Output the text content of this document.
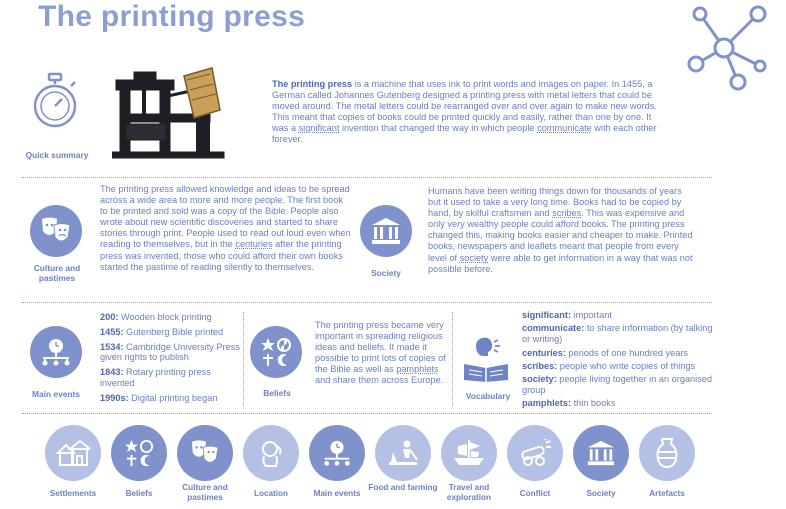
The printing press
Quick summary
The printing press is a machine that uses ink to print words and images on paper. In 1455, a German called Johannes Gutenberg designed a printing press with metal letters that could be moved around. The metal letters could be rearranged over and over again to make new words. This meant that copies of books could be printed quickly and easily, rather than one by one. It was a significant invention that changed the way in which people communicate with each other forever.
Culture and pastimes
The printing press allowed knowledge and ideas to be spread across a wide area to more and more people. The first book to be printed and sold was a copy of the Bible. People also wrote about new scientific discoveries and started to share stories through print. People used to read out loud even when reading to themselves, but in the centuries after the printing press was invented, those who could afford their own books started the pastime of reading silently to themselves.
Society
Humans have been writing things down for thousands of years but it used to take a very long time. Books had to be copied by hand, by skilful craftsmen and scribes. This was expensive and only very wealthy people could afford books. The printing press changed this, making books easier and cheaper to make. Printed books, newspapers and leaflets meant that people from every level of society were able to get information in a way that was not possible before.
Main events
200: Wooden block printing
1455: Gutenberg Bible printed
1534: Cambridge University Press given rights to publish
1843: Rotary printing press invented
1990s: Digital printing began	Beliefs
The printing press became very important in spreading religious ideas and beliefs. It made it possible to print lots of copies of the Bible as well as pamphlets and share them across Europe.
Vocabulary
significant: important
communicate: to share information (by talking or writing)
centuries: periods of one hundred years
scribes: people who write copies of things
society: people living together in an organised group
pamphlets: thin books
Settlements	Beliefs
Culture and pastimes	Location	Main events
Food and farming	Travel and exploration	Conflict	Society	Artefacts
